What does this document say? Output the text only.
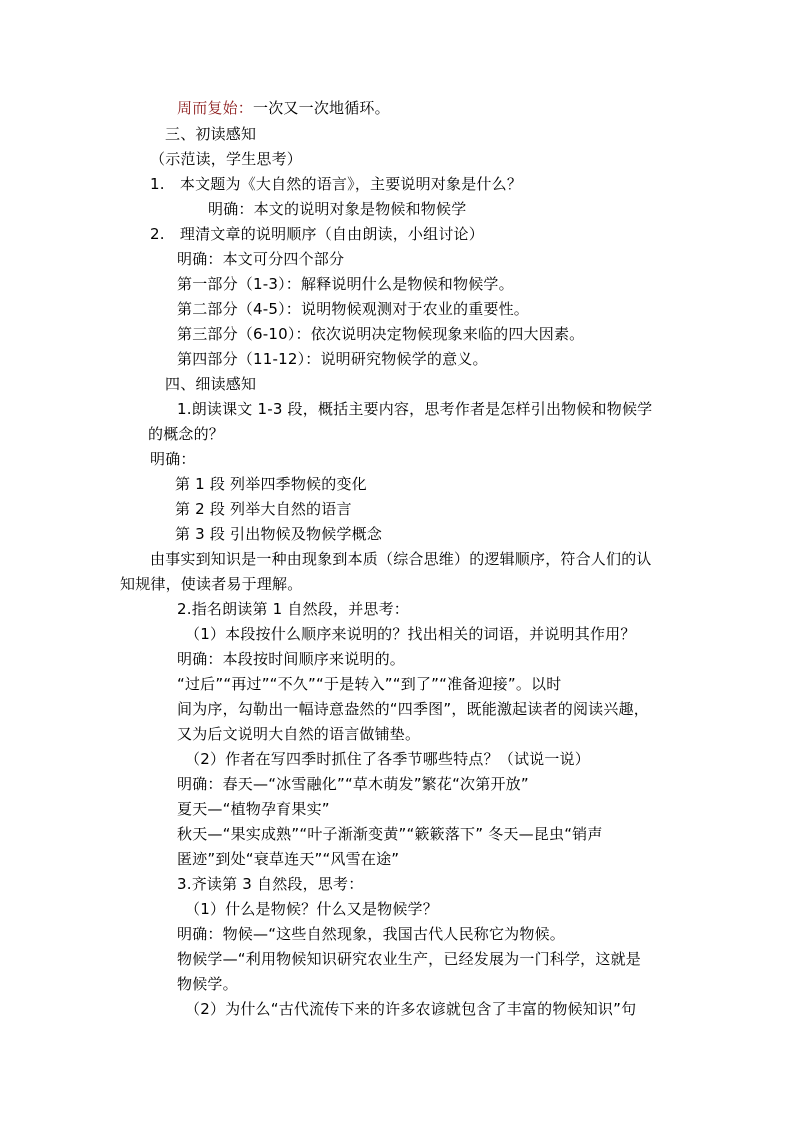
周而复始：一次又一次地循环。
三、初读感知
（示范读，学生思考）
1.　本文题为《大自然的语言》，主要说明对象是什么？
明确：本文的说明对象是物候和物候学
2.　理清文章的说明顺序（自由朗读，小组讨论）
明确：本文可分四个部分
第一部分（1-3）：解释说明什么是物候和物候学。
第二部分（4-5）：说明物候观测对于农业的重要性。
第三部分（6-10）：依次说明决定物候现象来临的四大因素。
第四部分（11-12）：说明研究物候学的意义。
四、细读感知
1.朗读课文 1-3 段，概括主要内容，思考作者是怎样引出物候和物候学
的概念的？
明确：
第 1 段 列举四季物候的变化
第 2 段 列举大自然的语言
第 3 段 引出物候及物候学概念
由事实到知识是一种由现象到本质（综合思维）的逻辑顺序，符合人们的认
知规律，使读者易于理解。
2.指名朗读第 1 自然段，并思考：
（1）本段按什么顺序来说明的？找出相关的词语，并说明其作用？
明确：本段按时间顺序来说明的。
“过后”“再过”“不久”“于是转入”“到了”“准备迎接”。以时
间为序，勾勒出一幅诗意盎然的“四季图”，既能激起读者的阅读兴趣，
又为后文说明大自然的语言做铺垫。
（2）作者在写四季时抓住了各季节哪些特点？（试说一说）
明确：春天—“冰雪融化”“草木萌发”繁花“次第开放”
夏天—“植物孕育果实”
秋天—“果实成熟”“叶子渐渐变黄”“簌簌落下” 冬天—昆虫“销声
匿迹”到处“衰草连天”“风雪在途”
3.齐读第 3 自然段，思考：
（1）什么是物候？什么又是物候学？
明确：物候—“这些自然现象，我国古代人民称它为物候。
物候学—“利用物候知识研究农业生产，已经发展为一门科学，这就是
物候学。
（2）为什么“古代流传下来的许多农谚就包含了丰富的物候知识”句
